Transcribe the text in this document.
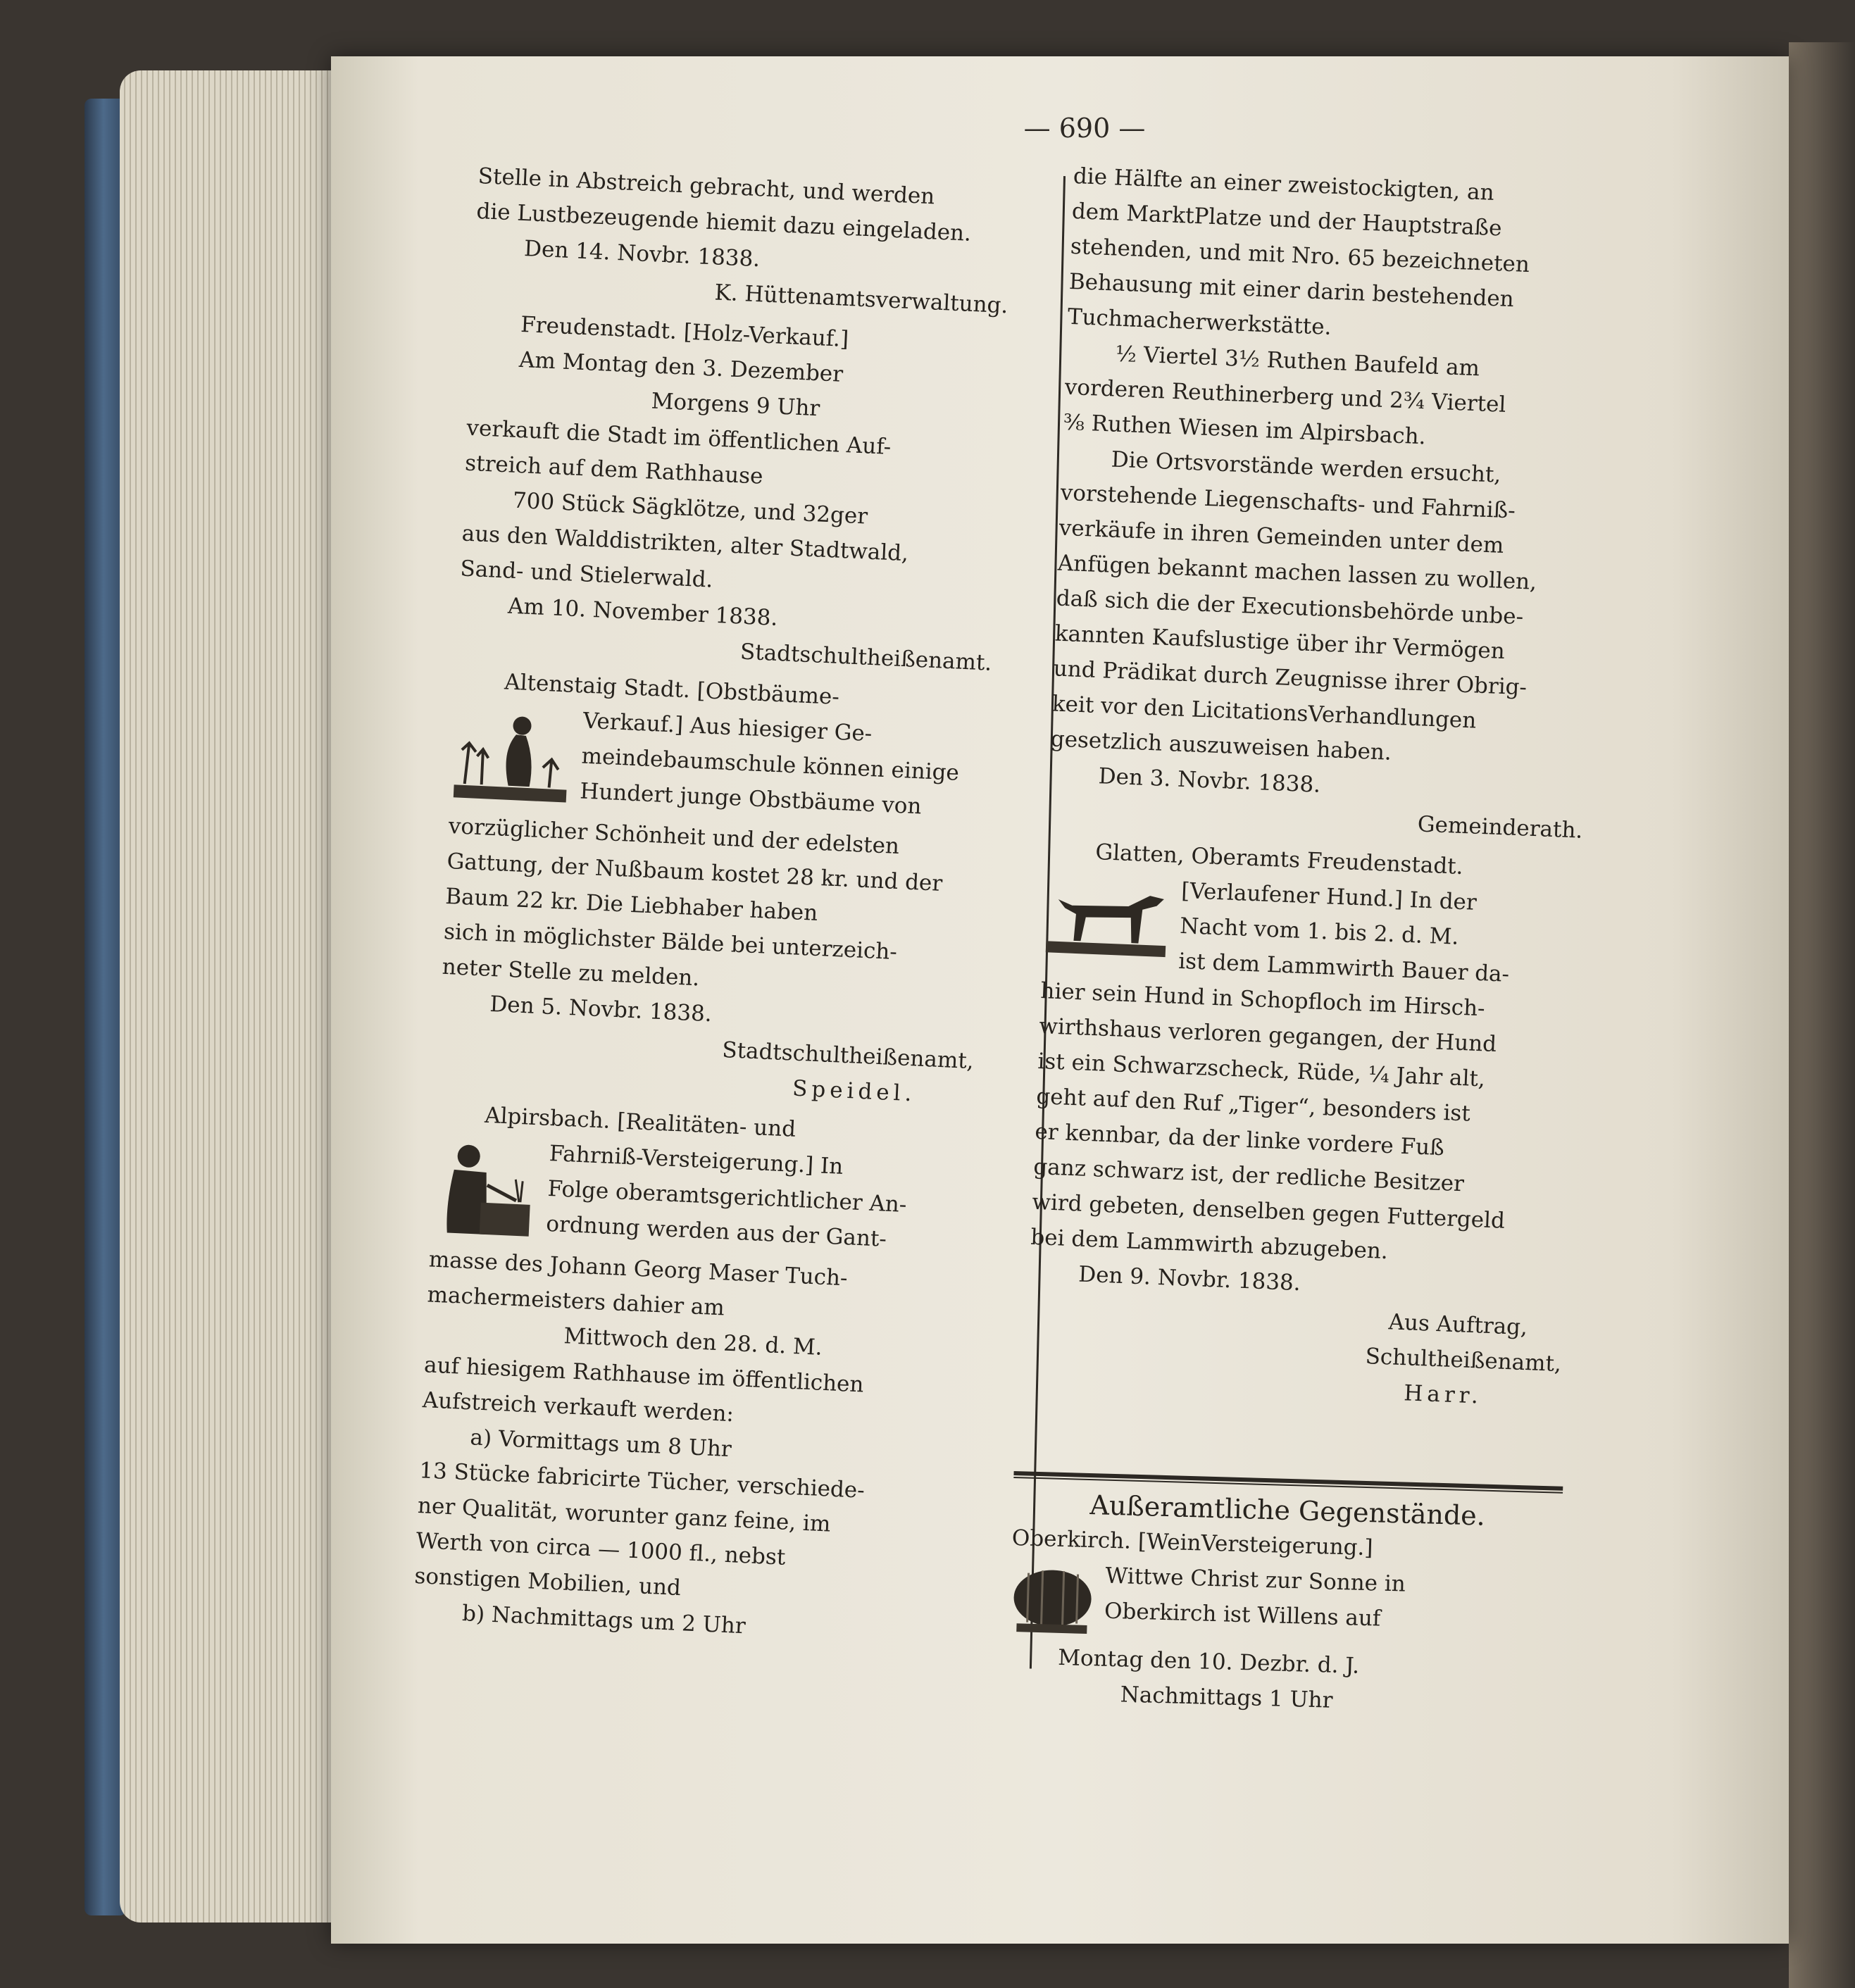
— 690 —
Stelle in Abstreich gebracht, und werden
die Lustbezeugende hiemit dazu eingeladen.
Den 14. Novbr. 1838.
K. Hüttenamtsverwaltung.
Freudenstadt. [Holz-Verkauf.]
Am Montag den 3. Dezember
Morgens 9 Uhr
verkauft die Stadt im öffentlichen Auf-
streich auf dem Rathhause
700 Stück Sägklötze, und 32ger
aus den Walddistrikten, alter Stadtwald,
Sand- und Stielerwald.
Am 10. November 1838.
Stadtschultheißenamt.
Altenstaig Stadt. [Obstbäume-
Verkauf.] Aus hiesiger Ge-
meindebaumschule können einige
Hundert junge Obstbäume von
vorzüglicher Schönheit und der edelsten
Gattung, der Nußbaum kostet 28 kr. und der
Baum 22 kr. Die Liebhaber haben
sich in möglichster Bälde bei unterzeich-
neter Stelle zu melden.
Den 5. Novbr. 1838.
Stadtschultheißenamt,
Speidel.
Alpirsbach. [Realitäten- und
Fahrniß-Versteigerung.] In
Folge oberamtsgerichtlicher An-
ordnung werden aus der Gant-
masse des Johann Georg Maser Tuch-
machermeisters dahier am
Mittwoch den 28. d. M.
auf hiesigem Rathhause im öffentlichen
Aufstreich verkauft werden:
a) Vormittags um 8 Uhr
13 Stücke fabricirte Tücher, verschiede-
ner Qualität, worunter ganz feine, im
Werth von circa — 1000 fl., nebst
sonstigen Mobilien, und
b) Nachmittags um 2 Uhr
die Hälfte an einer zweistockigten, an
dem MarktPlatze und der Hauptstraße
stehenden, und mit Nro. 65 bezeichneten
Behausung mit einer darin bestehenden
Tuchmacherwerkstätte.
½ Viertel 3½ Ruthen Baufeld am
vorderen Reuthinerberg und 2¾ Viertel
⅜ Ruthen Wiesen im Alpirsbach.
Die Ortsvorstände werden ersucht,
vorstehende Liegenschafts- und Fahrniß-
verkäufe in ihren Gemeinden unter dem
Anfügen bekannt machen lassen zu wollen,
daß sich die der Executionsbehörde unbe-
kannten Kaufslustige über ihr Vermögen
und Prädikat durch Zeugnisse ihrer Obrig-
keit vor den LicitationsVerhandlungen
gesetzlich auszuweisen haben.
Den 3. Novbr. 1838.
Gemeinderath.
Glatten, Oberamts Freudenstadt.
[Verlaufener Hund.] In der
Nacht vom 1. bis 2. d. M.
ist dem Lammwirth Bauer da-
hier sein Hund in Schopfloch im Hirsch-
wirthshaus verloren gegangen, der Hund
ist ein Schwarzscheck, Rüde, ¼ Jahr alt,
geht auf den Ruf „Tiger“, besonders ist
er kennbar, da der linke vordere Fuß
ganz schwarz ist, der redliche Besitzer
wird gebeten, denselben gegen Futtergeld
bei dem Lammwirth abzugeben.
Den 9. Novbr. 1838.
Aus Auftrag,
Schultheißenamt,
Harr.
Außeramtliche Gegenstände.
Oberkirch. [WeinVersteigerung.]
Wittwe Christ zur Sonne in
Oberkirch ist Willens auf
Montag den 10. Dezbr. d. J.
Nachmittags 1 Uhr
